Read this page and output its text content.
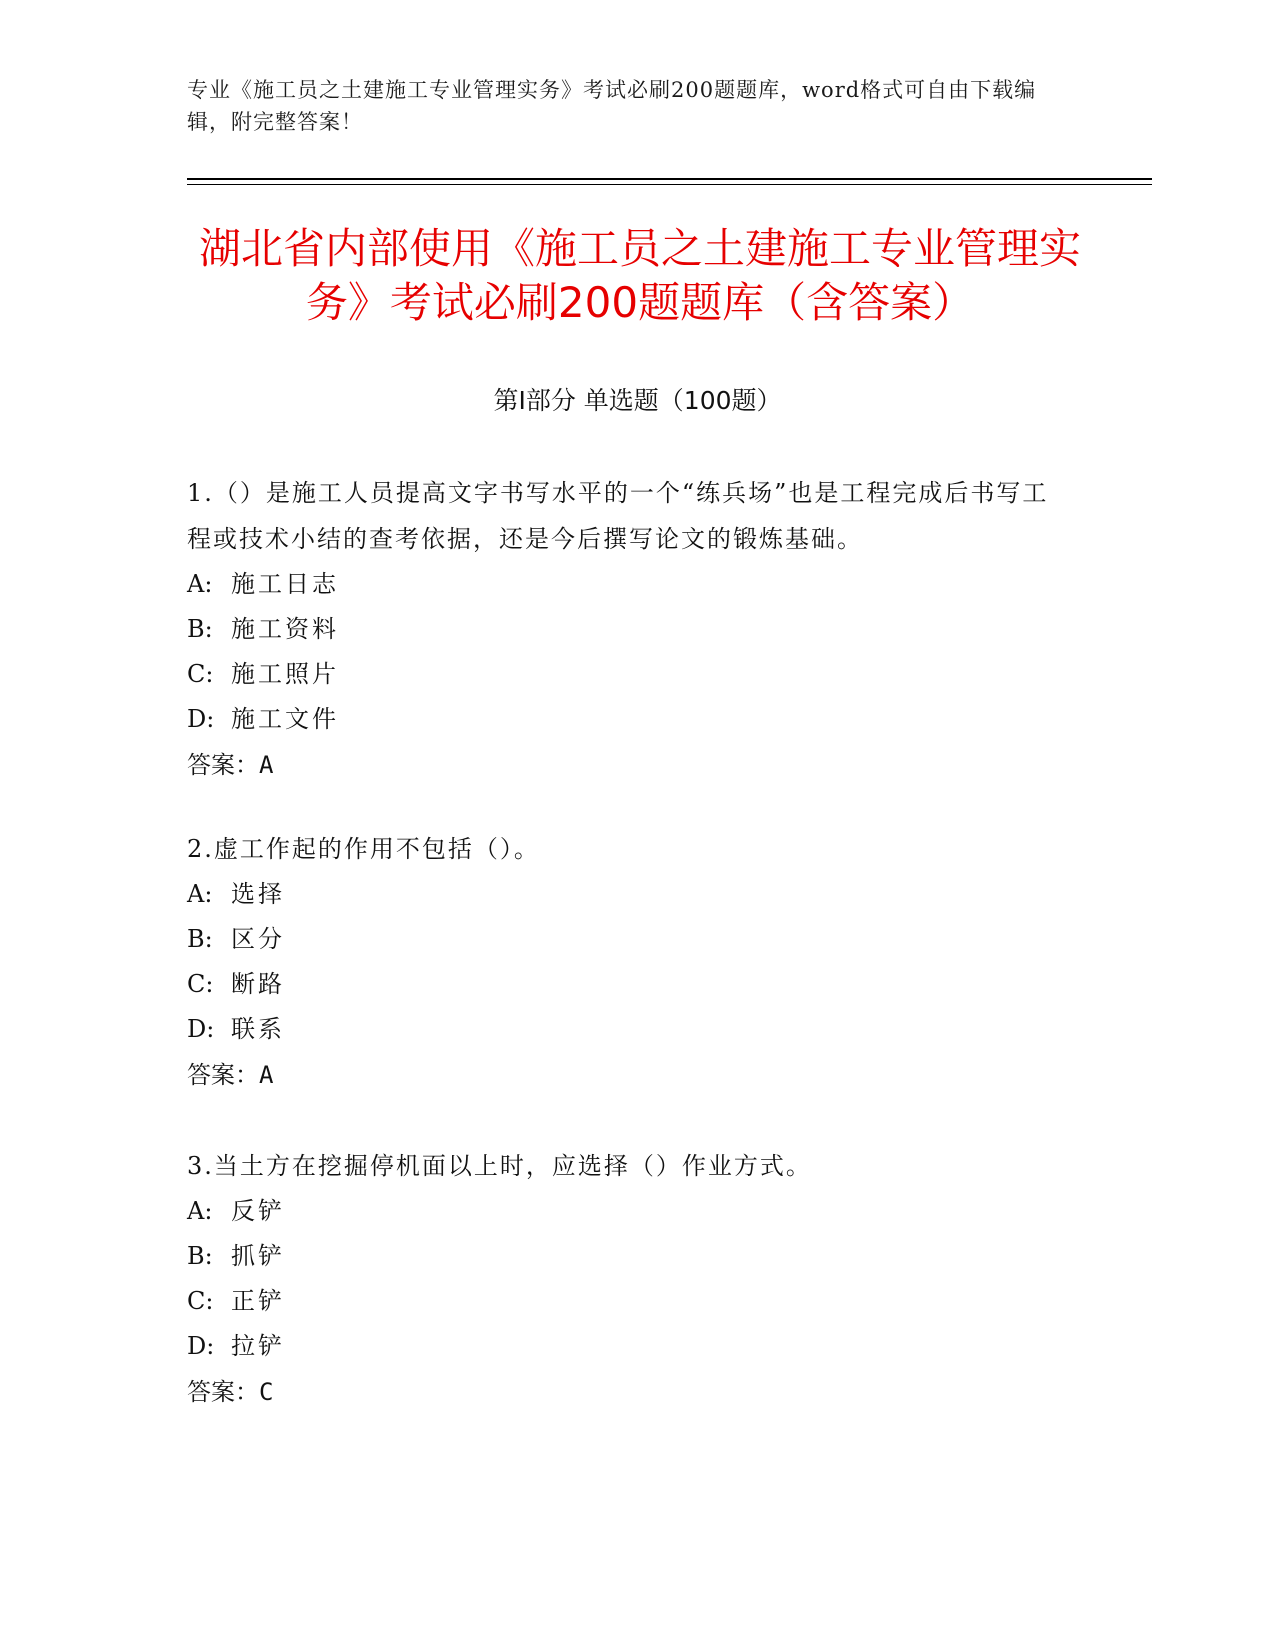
专业《施工员之土建施工专业管理实务》考试必刷200题题库，word格式可自由下载编辑，附完整答案！
湖北省内部使用《施工员之土建施工专业管理实务》考试必刷200题题库（含答案）
第I部分 单选题（100题）

1.（）是施工人员提高文字书写水平的一个“练兵场”也是工程完成后书写工程或技术小结的查考依据，还是今后撰写论文的锻炼基础。

A: 施工日志

B: 施工资料

C: 施工照片

D: 施工文件

答案：A

2.虚工作起的作用不包括（）。

A: 选择

B: 区分

C: 断路

D: 联系

答案：A

3.当土方在挖掘停机面以上时，应选择（）作业方式。

A: 反铲

B: 抓铲

C: 正铲

D: 拉铲

答案：C
